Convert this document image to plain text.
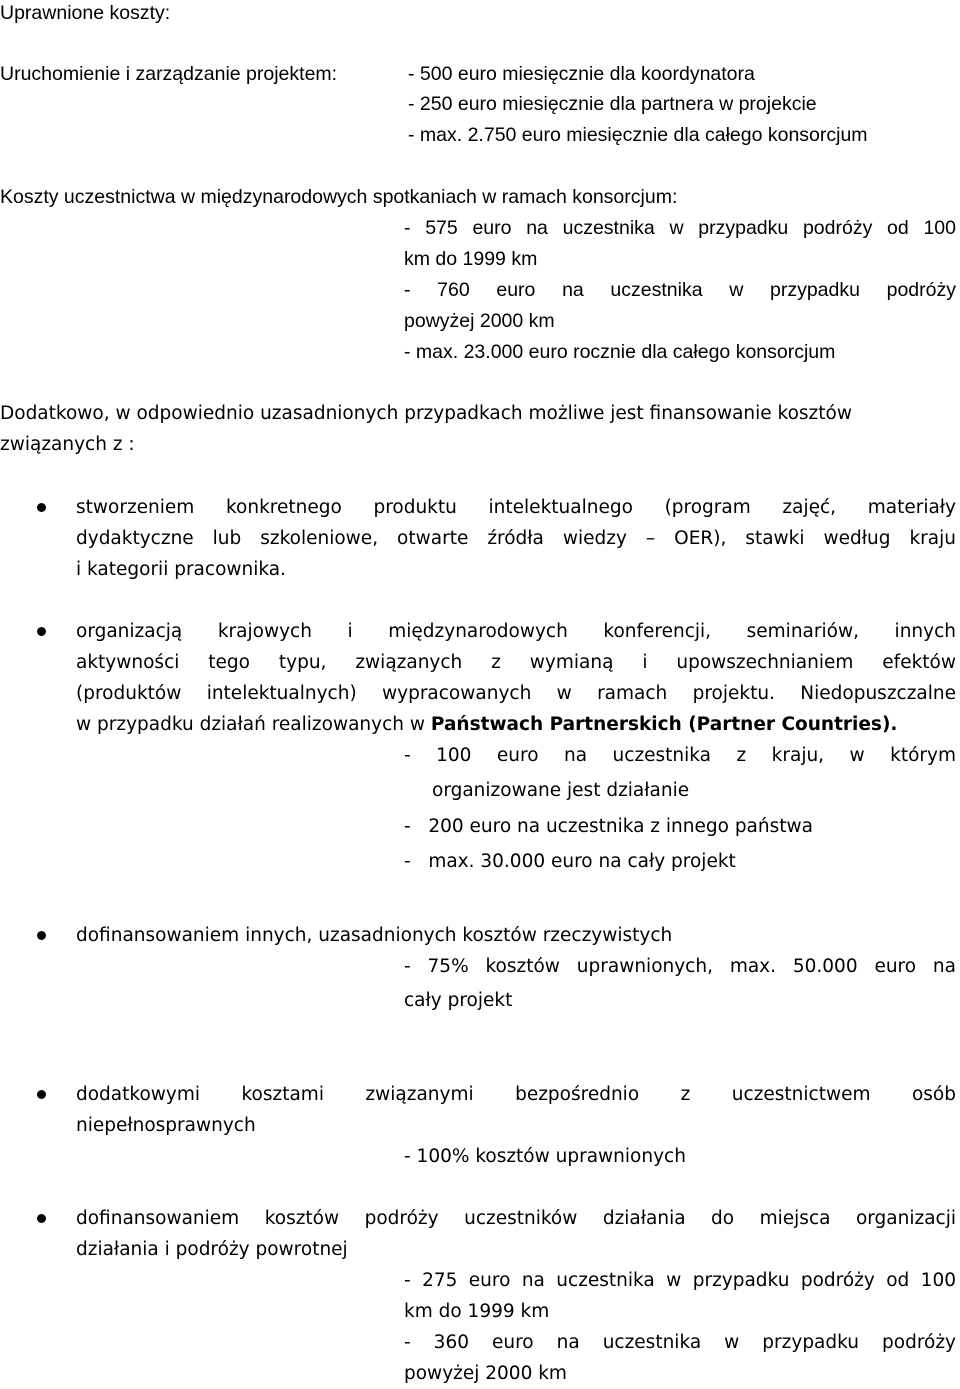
Uprawnione koszty:
Uruchomienie i zarządzanie projektem:	- 500 euro miesięcznie dla koordynatora
- 250 euro miesięcznie dla partnera w projekcie
- max. 2.750 euro miesięcznie dla całego konsorcjum
Koszty uczestnictwa w międzynarodowych spotkaniach w ramach konsorcjum:
- 575 euro na uczestnika w przypadku podróży od 100
km do 1999 km
- 760 euro na uczestnika w przypadku podróży
powyżej 2000 km
- max. 23.000 euro rocznie dla całego konsorcjum
Dodatkowo, w odpowiednio uzasadnionych przypadkach możliwe jest finansowanie kosztów
związanych z :
stworzeniem konkretnego produktu intelektualnego (program zajęć, materiały
dydaktyczne lub szkoleniowe, otwarte źródła wiedzy – OER), stawki według kraju
i kategorii pracownika.
organizacją krajowych i międzynarodowych konferencji, seminariów, innych
aktywności tego typu, związanych z wymianą i upowszechnianiem efektów
(produktów intelektualnych) wypracowanych w ramach projektu. Niedopuszczalne
w przypadku działań realizowanych w Państwach Partnerskich (Partner Countries).
- 100 euro na uczestnika z kraju, w którym
organizowane jest działanie
-   200 euro na uczestnika z innego państwa
-   max. 30.000 euro na cały projekt
dofinansowaniem innych, uzasadnionych kosztów rzeczywistych
- 75% kosztów uprawnionych, max. 50.000 euro na
cały projekt
dodatkowymi kosztami związanymi bezpośrednio z uczestnictwem osób
niepełnosprawnych
- 100% kosztów uprawnionych
dofinansowaniem kosztów podróży uczestników działania do miejsca organizacji
działania i podróży powrotnej
- 275 euro na uczestnika w przypadku podróży od 100
km do 1999 km
- 360 euro na uczestnika w przypadku podróży
powyżej 2000 km
